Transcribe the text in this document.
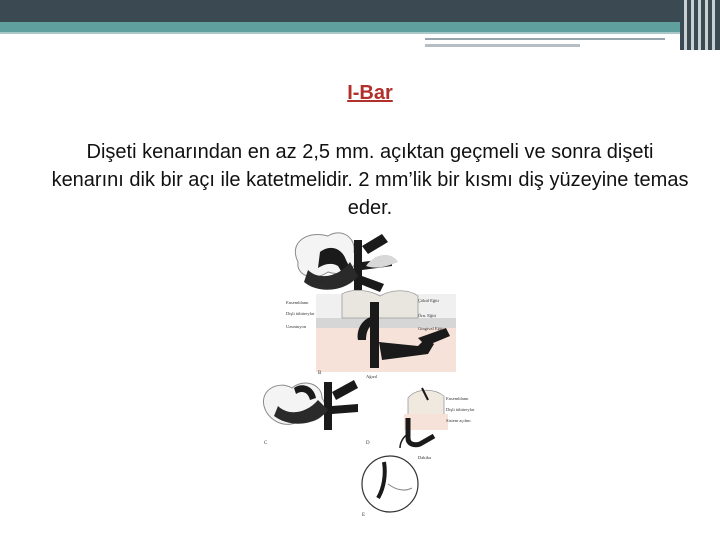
I-Bar
Dişeti kenarından en az 2,5 mm. açıktan geçmeli ve sonra dişeti kenarını dik bir açı ile katetmelidir. 2 mm’lik bir kısmı diş yüzeyine temas eder.
A
Ensemblamı
Dişli tübüreylar
Uzuntuyon
Çökül Eğiti
Örn. Eğiti
Gingival Eğiti
Ağızıl
B
C
Ensemblamı
Dişli tübüreylar
Sistem açılmı
Dakika
D
E
